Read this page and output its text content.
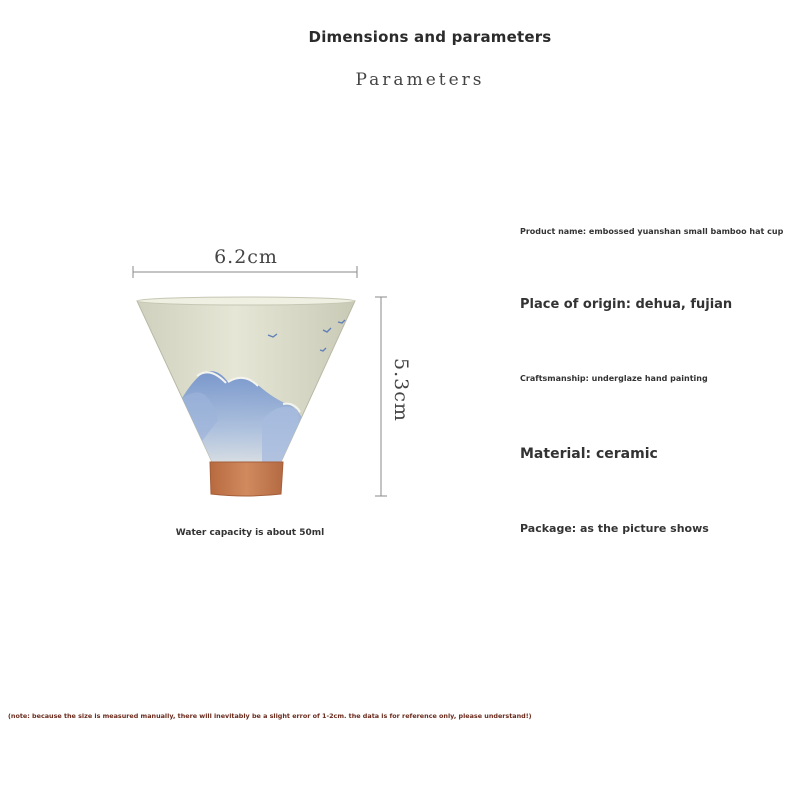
Dimensions and parameters
Parameters
6.2cm
5.3cm
Water capacity is about 50ml
Product name: embossed yuanshan small bamboo hat cup
Place of origin: dehua, fujian
Craftsmanship: underglaze hand painting
Material: ceramic
Package: as the picture shows
(note: because the size is measured manually, there will inevitably be a slight error of 1-2cm. the data is for reference only, please understand!)
